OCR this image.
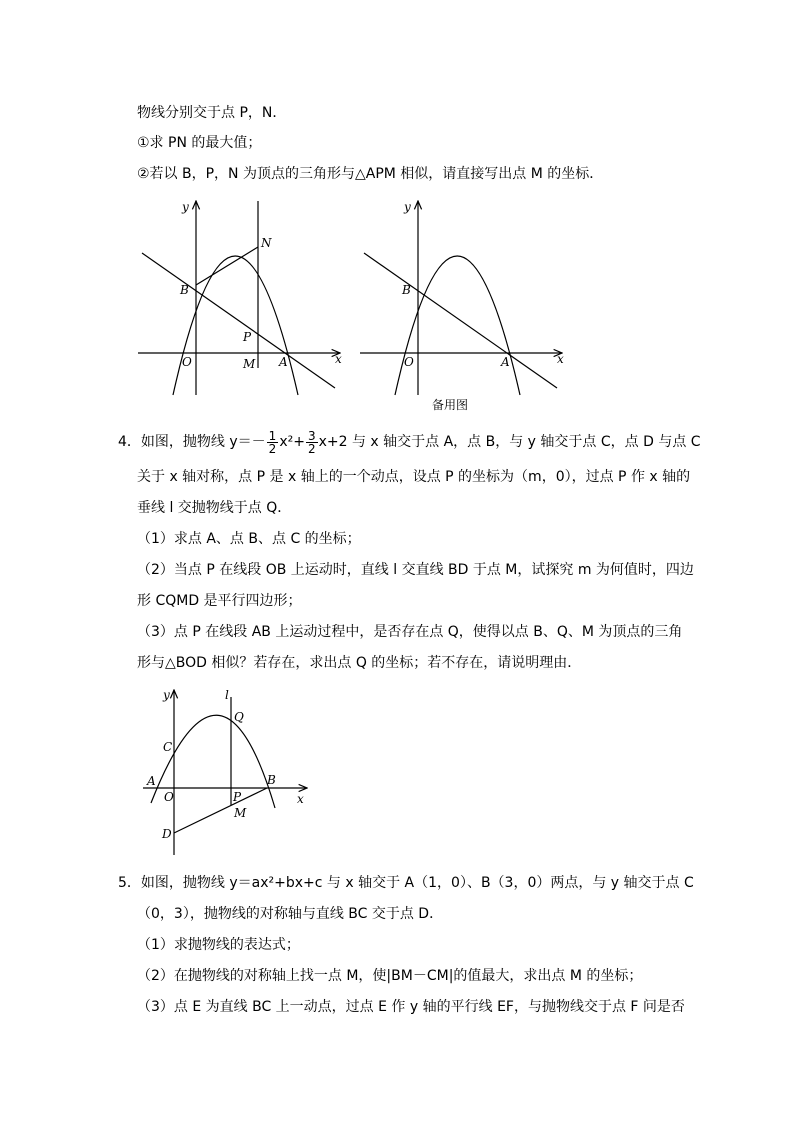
物线分别交于点 P，N．
①求 PN 的最大值；
②若以 B，P，N 为顶点的三角形与△APM 相似，请直接写出点 M 的坐标．
y
x
N
B
P
O	M A
y
x
B
O	A
备用图
4．如图，抛物线 $y=- \frac{1}{2} x^2+ \frac{3}{2} x+2$ 与 x 轴交于点 A，点 B，与 y 轴交于点 C，点 D 与点 C
关于 x 轴对称，点 P 是 x 轴上的一个动点，设点 P 的坐标为（m，0），过点 P 作 x 轴的
垂线 l 交抛物线于点 Q．
（1）求点 A、点 B、点 C 的坐标；
（2）当点 P 在线段 OB 上运动时，直线 l 交直线 BD 于点 M，试探究 m 为何值时，四边
形 CQMD 是平行四边形；
（3）点 P 在线段 AB 上运动过程中，是否存在点 Q，使得以点 B、Q、M 为顶点的三角
形与△BOD 相似？若存在，求出点 Q 的坐标；若不存在，请说明理由．
y	l
Q
C
A	B
O	P	x
M
D
5．如图，抛物线 y＝ax²+bx+c 与 x 轴交于 A（1，0）、B（3，0）两点，与 y 轴交于点 C
（0，3），抛物线的对称轴与直线 BC 交于点 D．
（1）求抛物线的表达式；
（2）在抛物线的对称轴上找一点 M，使|BM－CM|的值最大，求出点 M 的坐标；
（3）点 E 为直线 BC 上一动点，过点 E 作 y 轴的平行线 EF，与抛物线交于点 F 问是否
